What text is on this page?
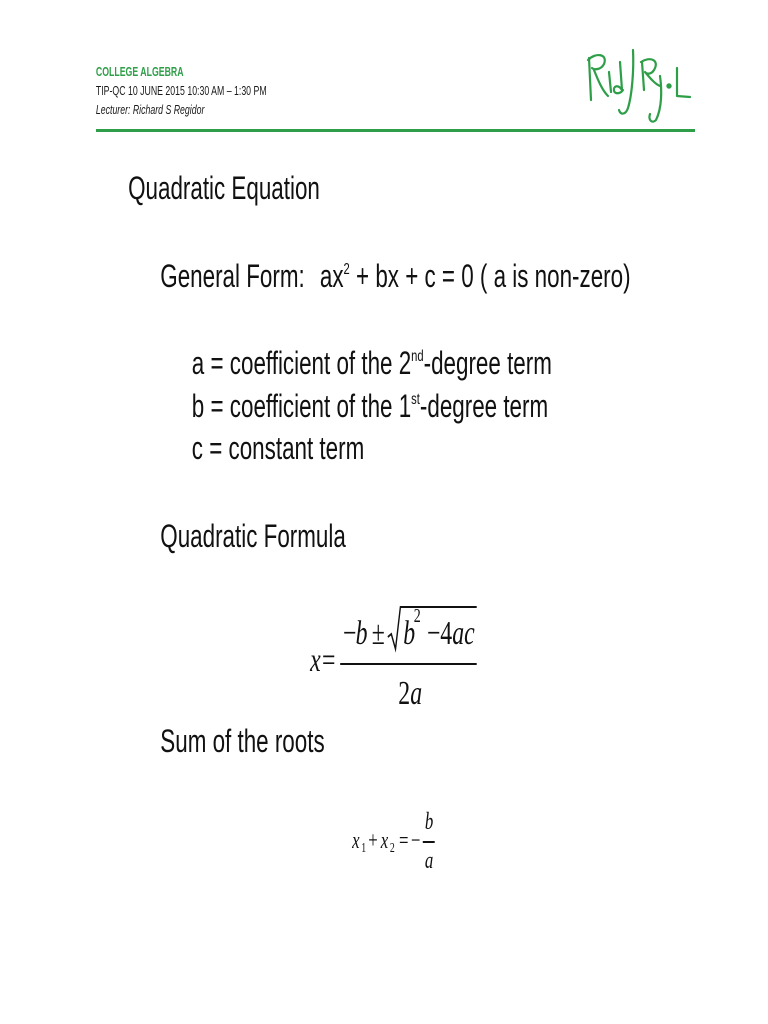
COLLEGE ALGEBRA
TIP-QC 10 JUNE 2015 10:30 AM – 1:30 PM
Lecturer: Richard S Regidor
Quadratic Equation
General Form: $ax^2$ + bx + c = 0 ( a is non-zero)
a = coefficient of the 2nd-degree term
b = coefficient of the 1st-degree term
c = constant term
Quadratic Formula
x =
− b ± b
2 − 4 ac
2 a
Sum of the roots
x 1 + x 2 = −
b
a
